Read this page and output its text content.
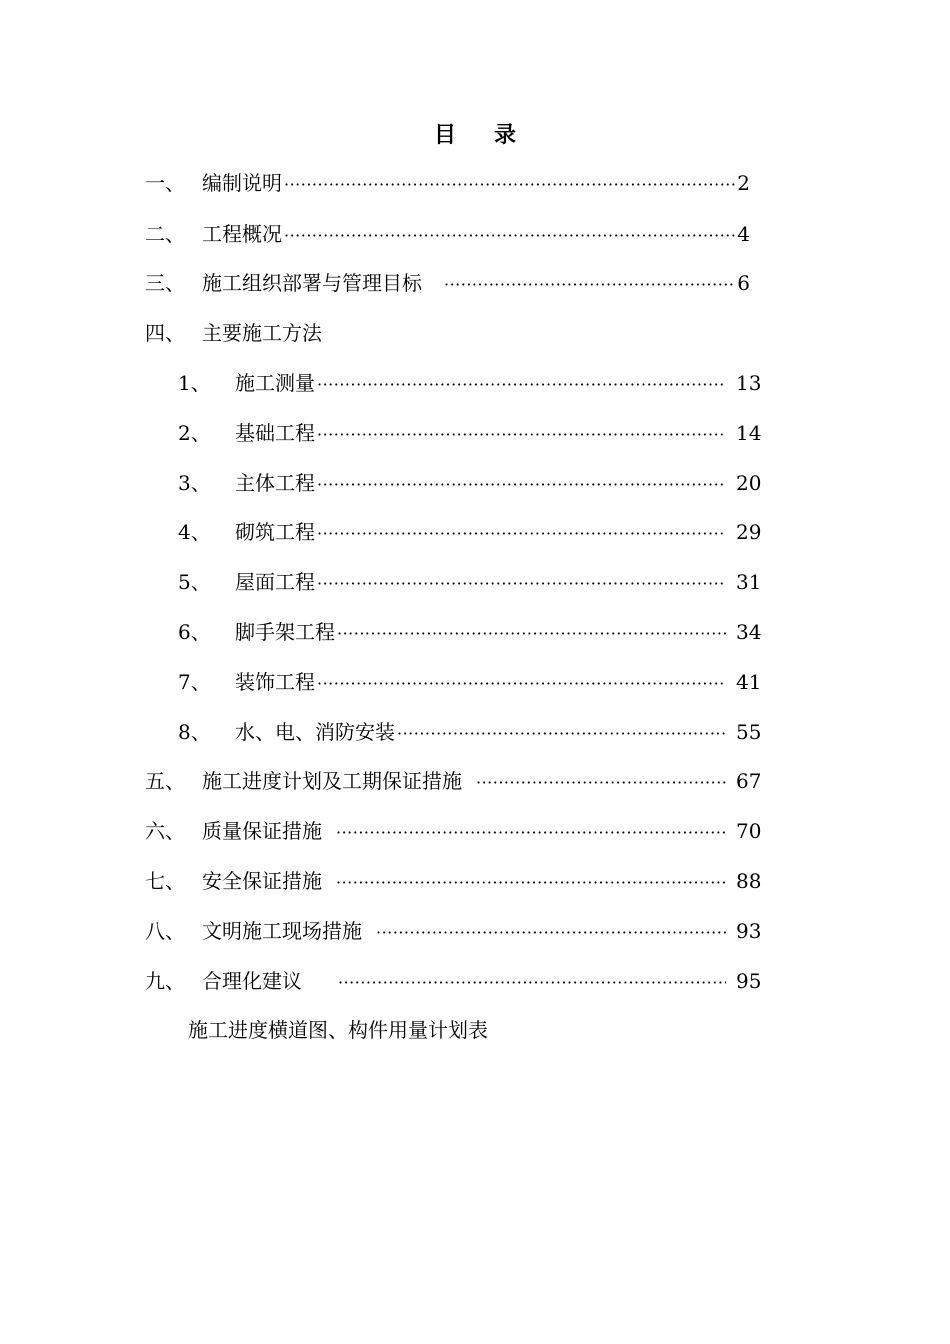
目 录
一、 编制说明 ·····	2
二、 工程概况 ·····	4
三、 施工组织部署与管理目标 ·····	6
四、 主要施工方法
1、	施工测量 ·····	13
2、	基础工程 ·····	14
3、	主体工程 ·····	20
4、	砌筑工程 ·····	29
5、	屋面工程 ·····	31
6、	脚手架工程 ·····	34
7、	装饰工程 ·····	41
8、	水、电、消防安装 ·····	55
五、 施工进度计划及工期保证措施 ·····	67
六、 质量保证措施 ·····	70
七、 安全保证措施 ·····	88
八、 文明施工现场措施 ·····	93
九、 合理化建议 ·····	95
施工进度横道图、构件用量计划表
